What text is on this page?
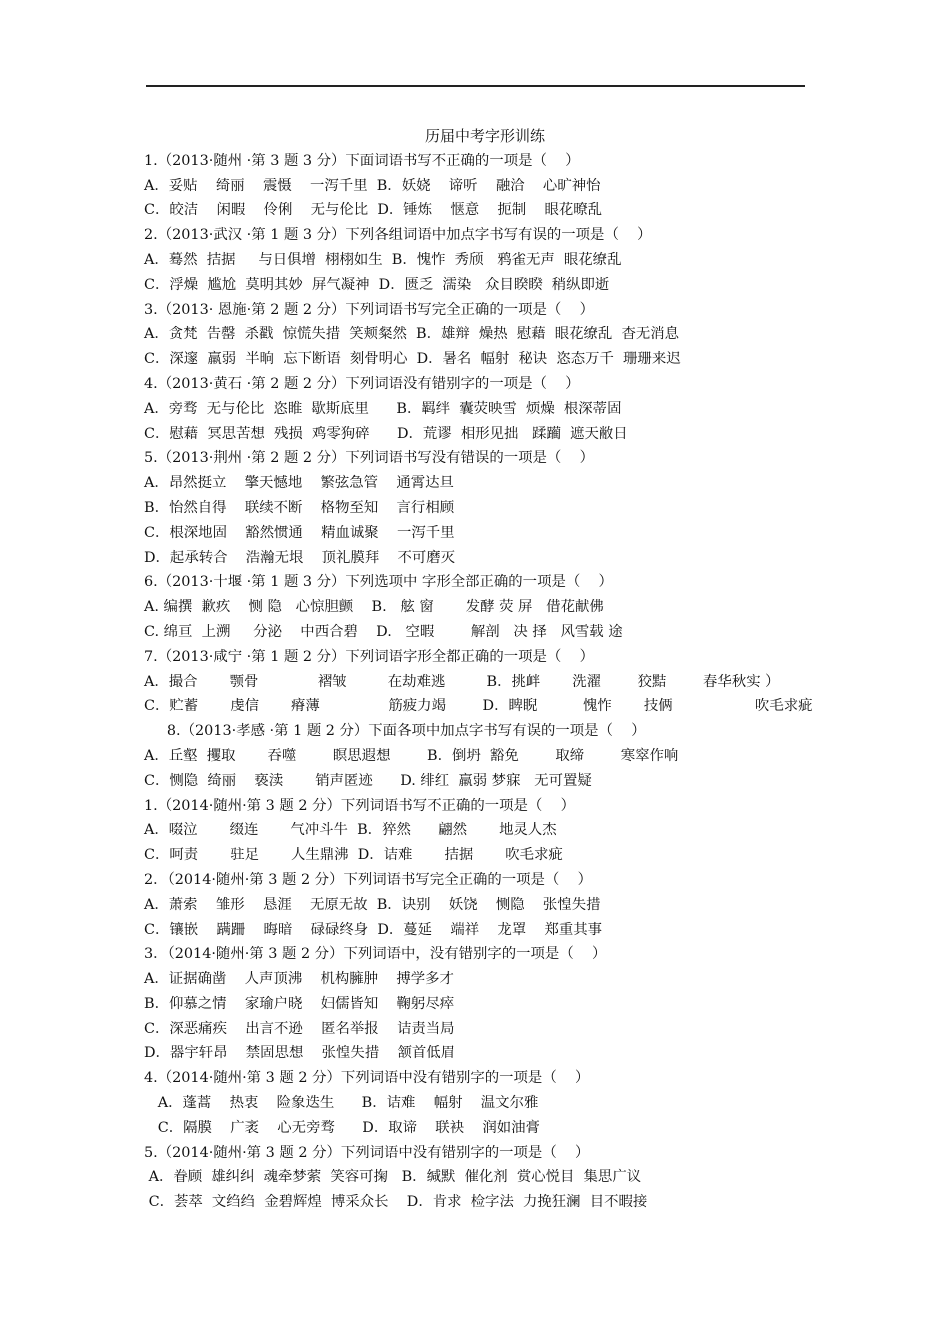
历届中考字形训练
1.（2013·随州 ·第 3 题 3 分）下面词语书写不正确的一项是（    ）
A．妥贴    绮丽    震慑    一泻千里  B．妖娆    谛听    融洽    心旷神怡
C．皎洁    闲暇    伶俐    无与伦比  D．锤炼    惬意    扼制    眼花暸乱
2.（2013·武汉 ·第 1 题 3 分）下列各组词语中加点字书写有误的一项是（    ）
A．蓦然  拮据     与日俱增  栩栩如生  B．愧怍  秀颀   鸦雀无声  眼花缭乱
C．浮燥  尴尬  莫明其妙  屏气凝神  D．匮乏  濡染   众目睽睽  稍纵即逝
3.（2013· 恩施·第 2 题 2 分）下列词语书写完全正确的一项是（    ）
A．贪梵  告罄  杀戳  惊慌失措  笑颊粲然  B．雄辩  燥热  慰藉  眼花缭乱  杳无消息
C．深邃  羸弱  半晌  忘下断语  刻骨明心  D．暑名  幅射  秘诀  恣态万千  珊珊来迟
4.（2013·黄石 ·第 2 题 2 分）下列词语没有错别字的一项是（    ）
A．旁骛  无与伦比  恣睢  歇斯底里      B．羁绊  囊荧映雪  烦燥  根深蒂固
C．慰藉  冥思苦想  残损  鸡零狗碎      D．荒谬  相形见拙   蹂躏  遮天敝日
5.（2013·荆州 ·第 2 题 2 分）下列词语书写没有错误的一项是（    ）
A．昂然挺立    擎天憾地    繁弦急管    通霄达旦
B．怡然自得    联续不断    格物至知    言行相顾
C．根深地固    豁然惯通    精血诚聚    一泻千里
D．起承转合    浩瀚无垠    顶礼膜拜    不可磨灭
6.（2013·十堰 ·第 1 题 3 分）下列选项中 字形全部正确的一项是（    ）
A. 编撰  歉疚    恻 隐   心惊胆颤    B.   舷 窗       发酵 荧 屏   借花献佛
C. 绵亘  上溯     分泌    中西合碧    D.   空暇        解剖   决 择   风雪载 途
7.（2013·咸宁 ·第 1 题 2 分）下列词语字形全都正确的一项是（    ）
A．撮合       颚骨             褶皱         在劫难逃         B．挑衅       洗濯        狡黠        春华秋实 ）
C．贮蓄       虔信       瘠薄               筋疲力竭        D．睥睨          愧怍       技俩                  吹毛求疵
8.（2013·孝感 ·第 1 题 2 分）下面各项中加点字书写有误的一项是（    ）
A．丘壑  攫取       吞噬        瞑思遐想        B．倒坍  豁免        取缔        寒窣作响
C．恻隐  绮丽    亵渎       销声匿迹      D. 绯红  羸弱 梦寐   无可置疑
1.（2014·随州·第 3 题 2 分）下列词语书写不正确的一项是（    ）
A．啜泣       缀连       气冲斗牛  B．猝然      翩然       地灵人杰
C．呵责       驻足       人生鼎沸  D．诘难       拮据       吹毛求疵
2．（2014·随州·第 3 题 2 分）下列词语书写完全正确的一项是（    ）
A．萧索    雏形    恳涯    无原无故  B．诀别    妖饶    恻隐    张惶失措
C．镶嵌    蹒跚    晦暗    碌碌终身  D．蔓延    端祥    龙罩    郑重其事
3．（2014·随州·第 3 题 2 分）下列词语中，没有错别字的一项是（    ）
A．证据确凿    人声顶沸    机构臃肿    搏学多才
B．仰慕之情    家瑜户晓    妇儒皆知    鞠躬尽瘁
C．深恶痛疾    出言不逊    匿名举报    诘责当局
D．器宇轩昂    禁固思想    张惶失措    颔首低眉
4.（2014·随州·第 3 题 2 分）下列词语中没有错别字的一项是（    ）
A．蓬蒿    热衷    险象迭生      B．诘难    幅射    温文尔雅
C．隔膜    广袤    心无旁骛      D．取谛    联袂    润如油膏
5.（2014·随州·第 3 题 2 分）下列词语中没有错别字的一项是（    ）
A．眷顾  雄纠纠  魂牵梦萦  笑容可掬   B．缄默  催化剂  赏心悦目  集思广议
C．荟萃  文绉绉  金碧辉煌  博采众长    D．肯求  检字法  力挽狂澜  目不暇接
